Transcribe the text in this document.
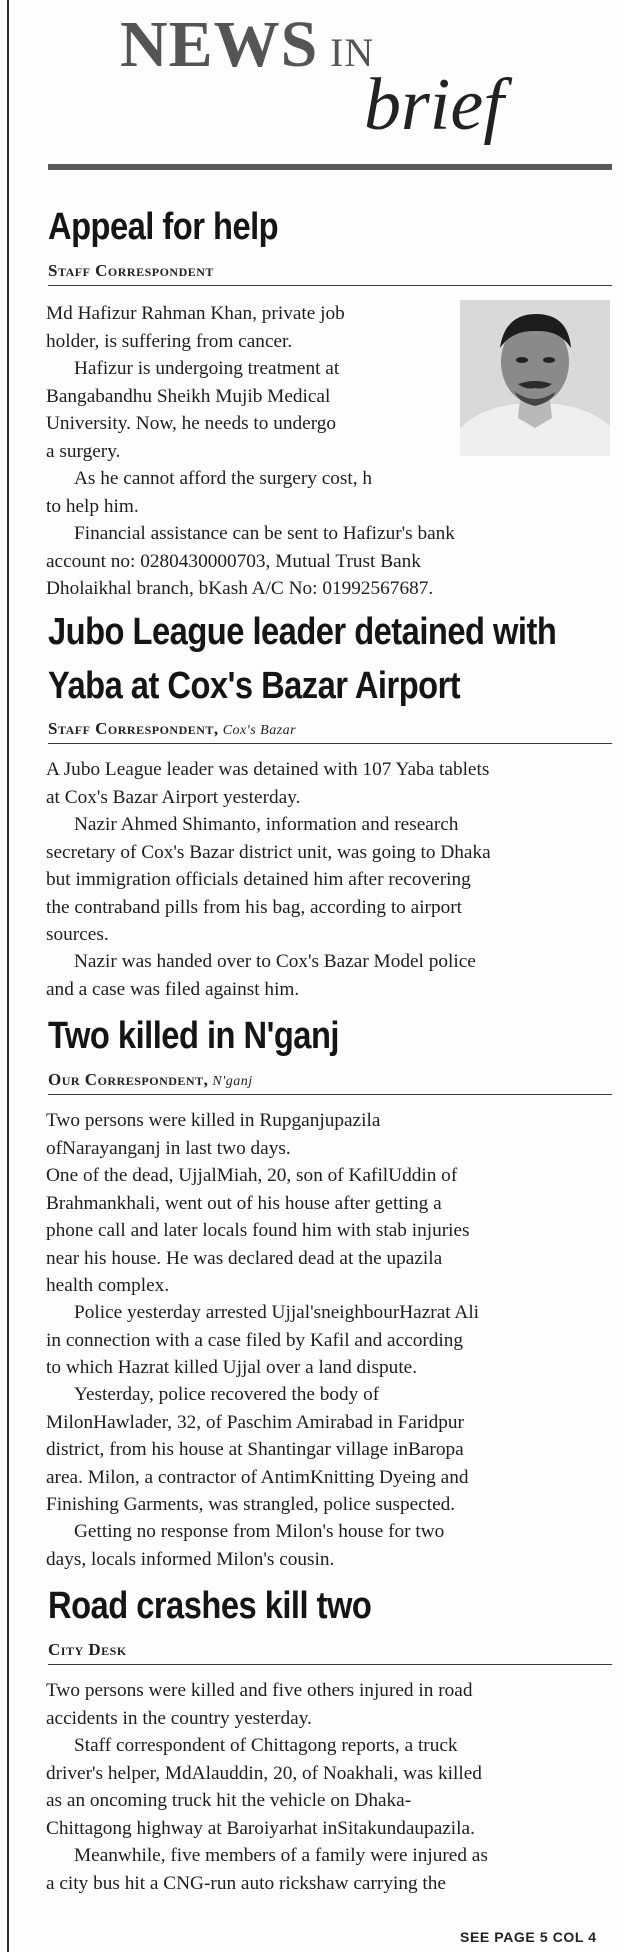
NEWS IN
brief
Appeal for help
Staff Correspondent
Md Hafizur Rahman Khan, private job
holder, is suffering from cancer.
Hafizur is undergoing treatment at
Bangabandhu Sheikh Mujib Medical
University. Now, he needs to undergo
a surgery.
As he cannot afford the surgery cost, h
to help him.
Financial assistance can be sent to Hafizur's bank
account no: 0280430000703, Mutual Trust Bank
Dholaikhal branch, bKash A/C No: 01992567687.
Jubo League leader detained with
Yaba at Cox's Bazar Airport
Staff Correspondent, Cox's Bazar
A Jubo League leader was detained with 107 Yaba tablets
at Cox's Bazar Airport yesterday.
Nazir Ahmed Shimanto, information and research
secretary of Cox's Bazar district unit, was going to Dhaka
but immigration officials detained him after recovering
the contraband pills from his bag, according to airport
sources.
Nazir was handed over to Cox's Bazar Model police
and a case was filed against him.
Two killed in N'ganj
Our Correspondent, N'ganj
Two persons were killed in Rupganjupazila
ofNarayanganj in last two days.
One of the dead, UjjalMiah, 20, son of KafilUddin of
Brahmankhali, went out of his house after getting a
phone call and later locals found him with stab injuries
near his house. He was declared dead at the upazila
health complex.
Police yesterday arrested Ujjal'sneighbourHazrat Ali
in connection with a case filed by Kafil and according
to which Hazrat killed Ujjal over a land dispute.
Yesterday, police recovered the body of
MilonHawlader, 32, of Paschim Amirabad in Faridpur
district, from his house at Shantingar village inBaropa
area. Milon, a contractor of AntimKnitting Dyeing and
Finishing Garments, was strangled, police suspected.
Getting no response from Milon's house for two
days, locals informed Milon's cousin.
Road crashes kill two
City Desk
Two persons were killed and five others injured in road
accidents in the country yesterday.
Staff correspondent of Chittagong reports, a truck
driver's helper, MdAlauddin, 20, of Noakhali, was killed
as an oncoming truck hit the vehicle on Dhaka-
Chittagong highway at Baroiyarhat inSitakundaupazila.
Meanwhile, five members of a family were injured as
a city bus hit a CNG-run auto rickshaw carrying the
SEE PAGE 5 COL 4
